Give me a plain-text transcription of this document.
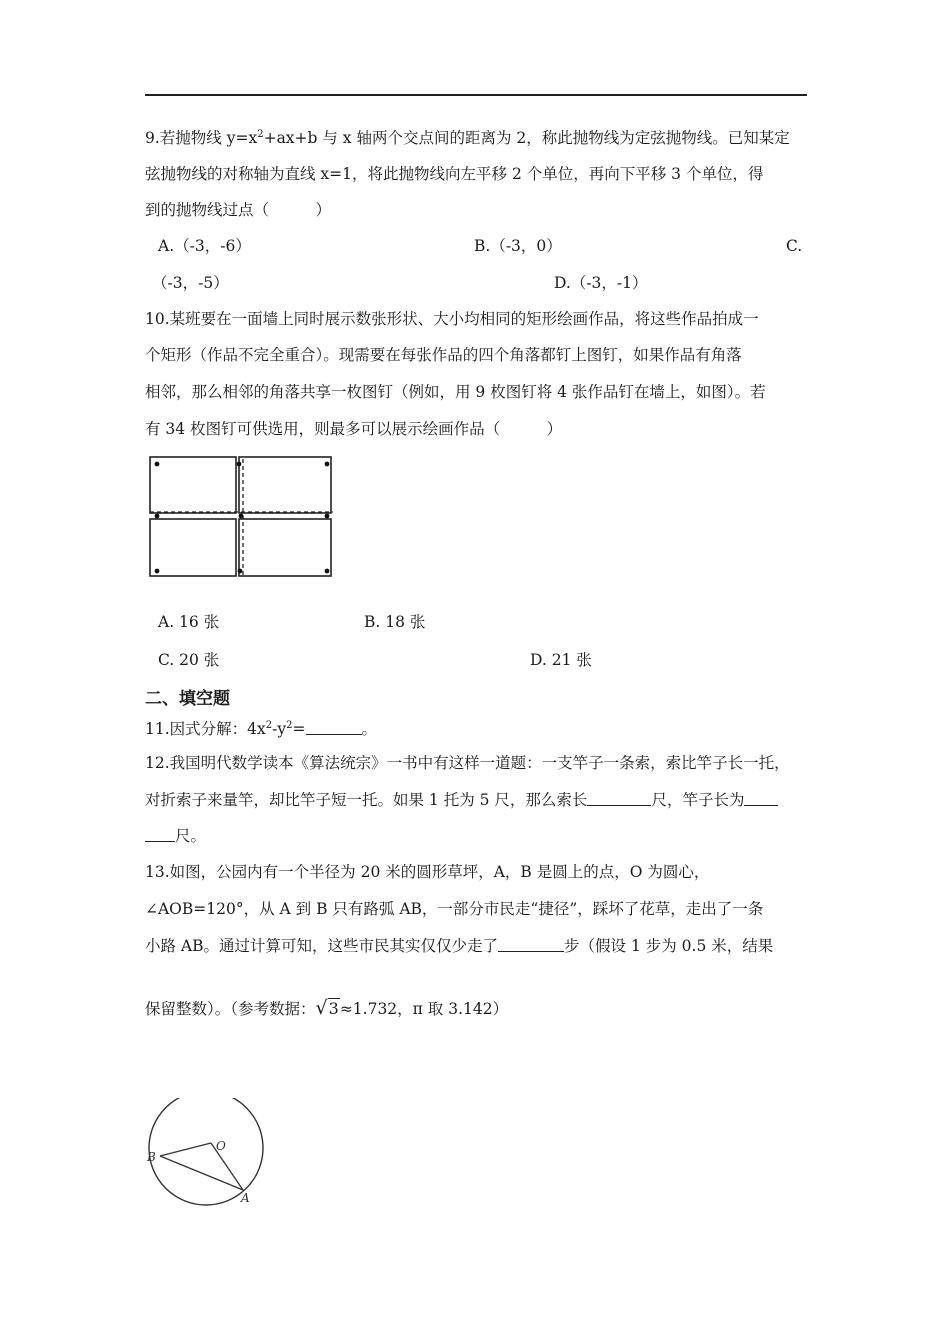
9.若抛物线 $y=x^2+ax+b$ 与 x 轴两个交点间的距离为 2，称此抛物线为定弦抛物线。已知某定
弦抛物线的对称轴为直线 x=1，将此抛物线向左平移 2 个单位，再向下平移 3 个单位，得
到的抛物线过点（　　　）
A.（-3，-6）	B.（-3，0）	C.
（-3，-5）	D.（-3，-1）
10.某班要在一面墙上同时展示数张形状、大小均相同的矩形绘画作品，将这些作品拍成一
个矩形（作品不完全重合）。现需要在每张作品的四个角落都钉上图钉，如果作品有角落
相邻，那么相邻的角落共享一枚图钉（例如，用 9 枚图钉将 4 张作品钉在墙上，如图）。若
有 34 枚图钉可供选用，则最多可以展示绘画作品（　　　）
A. 16 张	B. 18 张
C. 20 张	D. 21 张
二、填空题
11.因式分解：$4x^2-y^2=$	。
12.我国明代数学读本《算法统宗》一书中有这样一道题：一支竿子一条索，索比竿子长一托，
对折索子来量竿，却比竿子短一托。如果 1 托为 5 尺，那么索长	尺，竿子长为
尺。
13.如图，公园内有一个半径为 20 米的圆形草坪，A，B 是圆上的点，O 为圆心，
∠AOB=120°，从 A 到 B 只有路弧 AB，一部分市民走“捷径”，踩坏了花草，走出了一条
小路 AB。通过计算可知，这些市民其实仅仅少走了	步（假设 1 步为 0.5 米，结果
保留整数）。（参考数据：√3≈1.732，π 取 3.142）
B
O
A
